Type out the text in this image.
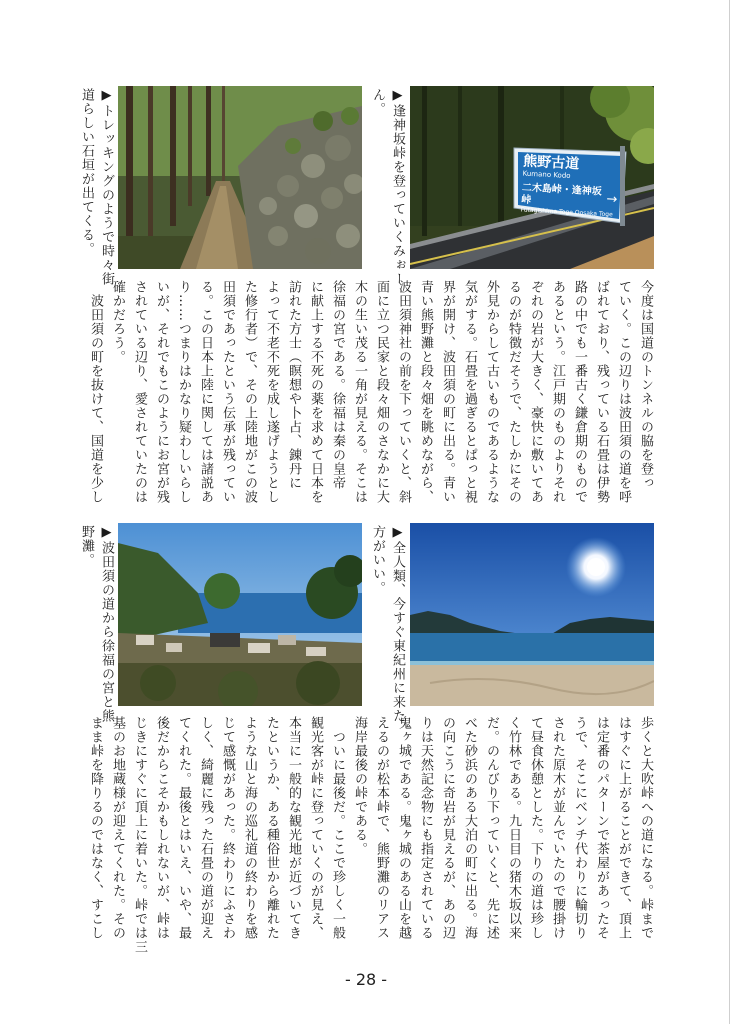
熊野古道
Kumano Kodo
二木島峠・逢神坂峠	→
Futagishima Toge Oosaka Toge
▶逢神坂峠を登っていくみぉー
ん。
▶トレッキングのようで時々街
道らしい石垣が出てくる。
今度は国道のトンネルの脇を登っ
ていく。この辺りは波田須の道を呼
ばれており、残っている石畳は伊勢
路の中でも一番古く鎌倉期のもので
あるという。江戸期のものよりそれ
ぞれの岩が大きく、豪快に敷いてあ
るのが特徴だそうで、たしかにその
外見からして古いものであるような
気がする。石畳を過ぎるとぱっと視
界が開け、波田須の町に出る。青い
青い熊野灘と段々畑を眺めながら、
波田須神社の前を下っていくと、斜
面に立つ民家と段々畑のさなかに大
木の生い茂る一角が見える。そこは
徐福の宮である。徐福は秦の皇帝
に献上する不死の薬を求めて日本を
訪れた方士（瞑想や卜占、錬丹に
よって不老不死を成し遂げようとし
た修行者）で、その上陸地がこの波
田須であったという伝承が残ってい
る。この日本上陸に関しては諸説あ
り……つまりはかなり疑わしいらし
いが、それでもこのようにお宮が残
されている辺り、愛されていたのは
確かだろう。
　波田須の町を抜けて、国道を少し
▶全人類、今すぐ東紀州に来た
方がいい。
▶波田須の道から徐福の宮と熊
野灘。
歩くと大吹峠への道になる。峠まで
はすぐに上がることができて、頂上
は定番のパターンで茶屋があったそ
うで、そこにベンチ代わりに輪切り
された原木が並んでいたので腰掛け
て昼食休憩とした。下りの道は珍し
く竹林である。九日目の猪木坂以来
だ。のんびり下っていくと、先に述
べた砂浜のある大泊の町に出る。海
の向こうに奇岩が見えるが、あの辺
りは天然記念物にも指定されている
鬼ヶ城である。鬼ヶ城のある山を越
えるのが松本峠で、熊野灘のリアス
海岸最後の峠である。
　ついに最後だ。ここで珍しく一般
観光客が峠に登っていくのが見え、
本当に一般的な観光地が近づいてき
たというか、ある種俗世から離れた
ような山と海の巡礼道の終わりを感
じて感慨があった。終わりにふさわ
しく、綺麗に残った石畳の道が迎え
てくれた。最後とはいえ、いや、最
後だからこそかもしれないが、峠は
じきにすぐに頂上に着いた。峠では三
基のお地蔵様が迎えてくれた。その
まま峠を降りるのではなく、すこし
- 28 -
